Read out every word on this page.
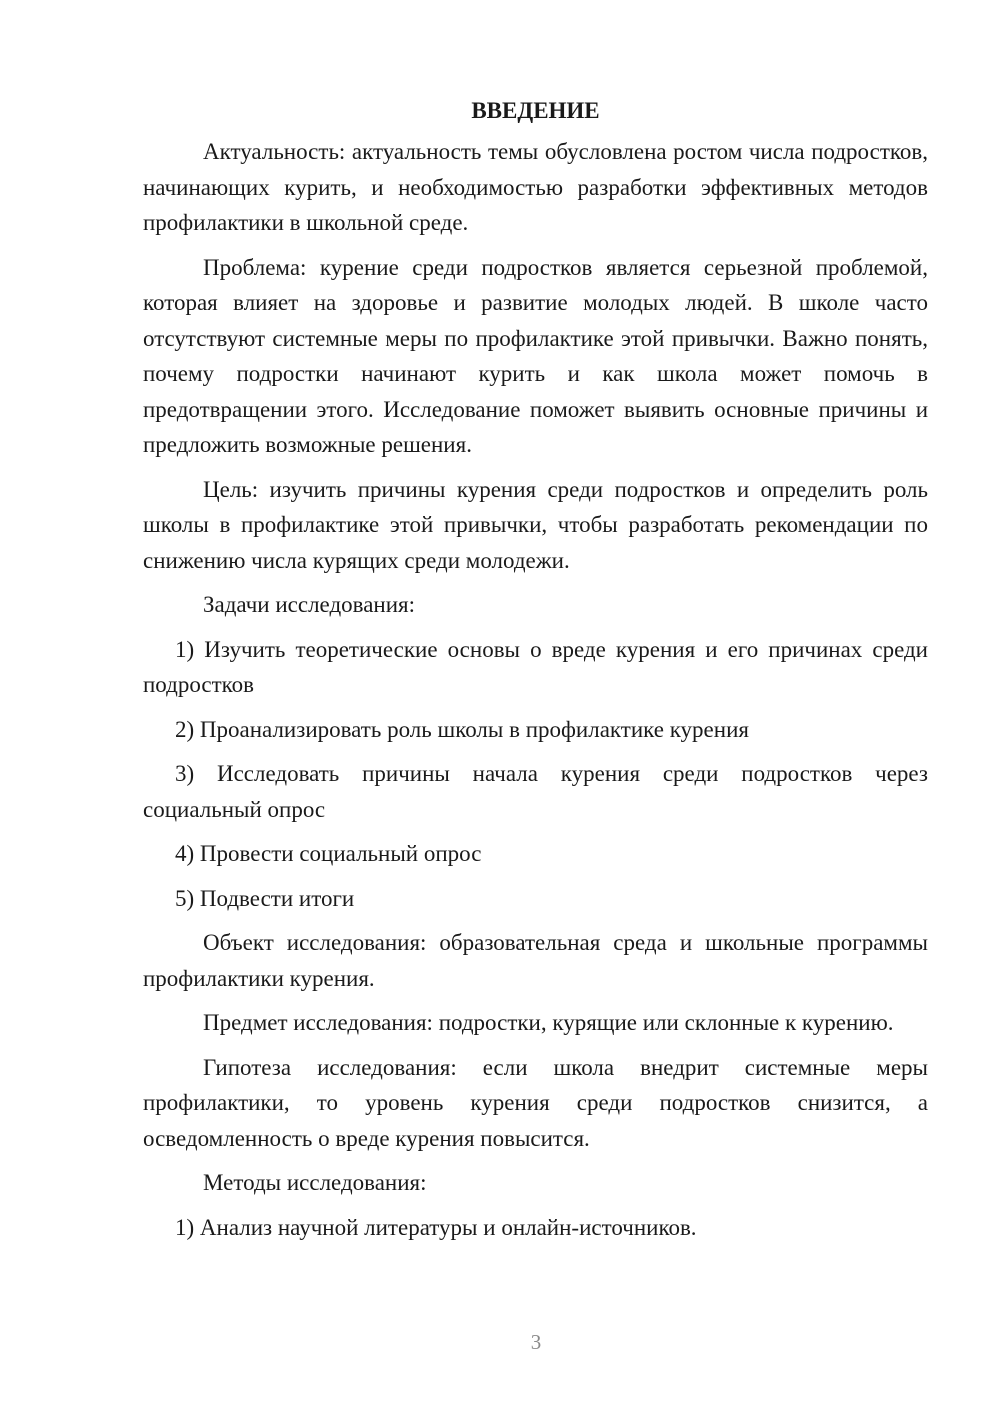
ВВЕДЕНИЕ

Актуальность: актуальность темы обусловлена ростом числа подростков, начинающих курить, и необходимостью разработки эффективных методов профилактики в школьной среде.

Проблема: курение среди подростков является серьезной проблемой, которая влияет на здоровье и развитие молодых людей. В школе часто отсутствуют системные меры по профилактике этой привычки. Важно понять, почему подростки начинают курить и как школа может помочь в предотвращении этого. Исследование поможет выявить основные причины и предложить возможные решения.

Цель: изучить причины курения среди подростков и определить роль школы в профилактике этой привычки, чтобы разработать рекомендации по снижению числа курящих среди молодежи.

Задачи исследования:

1) Изучить теоретические основы о вреде курения и его причинах среди подростков

2) Проанализировать роль школы в профилактике курения

3) Исследовать причины начала курения среди подростков через социальный опрос

4) Провести социальный опрос

5) Подвести итоги

Объект исследования: образовательная среда и школьные программы профилактики курения.

Предмет исследования: подростки, курящие или склонные к курению.

Гипотеза исследования: если школа внедрит системные меры профилактики, то уровень курения среди подростков снизится, а осведомленность о вреде курения повысится.

Методы исследования:

1) Анализ научной литературы и онлайн-источников.

3
